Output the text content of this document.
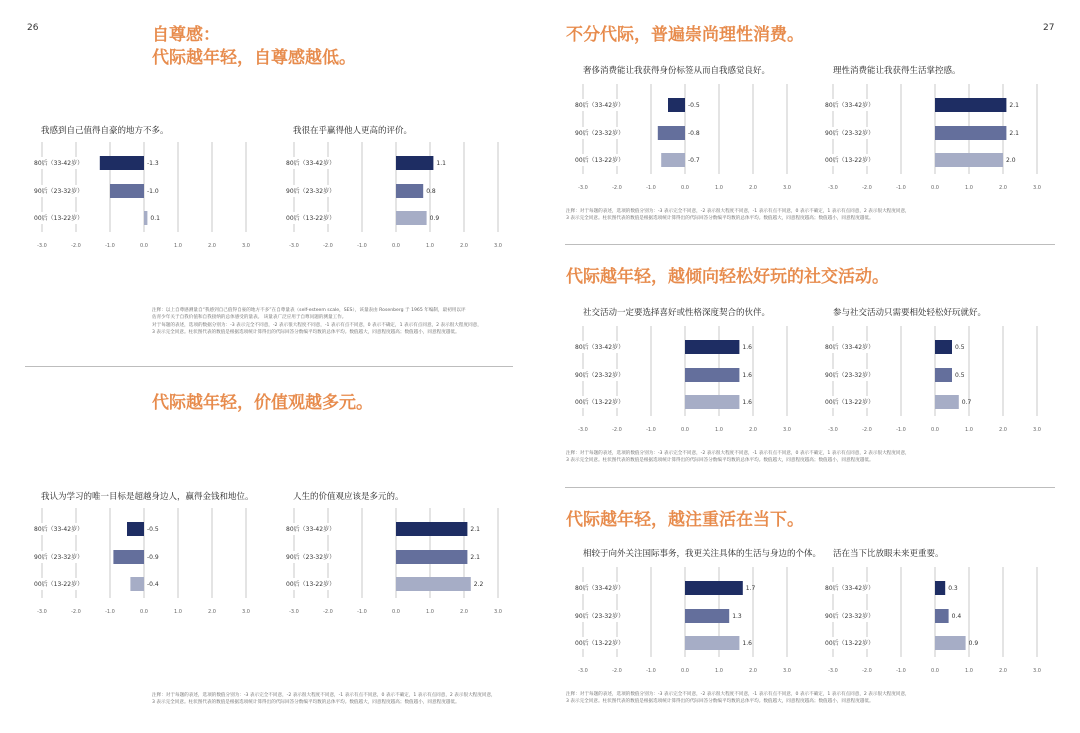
26	27
自尊感：
代际越年轻，自尊感越低。
代际越年轻，价值观越多元。
不分代际，普遍崇尚理性消费。
代际越年轻，越倾向轻松好玩的社交活动。
代际越年轻，越注重活在当下。
我感到自己值得自豪的地方不多。	我很在乎赢得他人更高的评价。
我认为学习的唯一目标是超越身边人，赢得金钱和地位。	人生的价值观应该是多元的。
奢侈消费能让我获得身份标签从而自我感觉良好。	理性消费能让我获得生活掌控感。
社交活动一定要选择喜好或性格深度契合的伙伴。	参与社交活动只需要相处轻松好玩就好。
相较于向外关注国际事务，我更关注具体的生活与身边的个体。 活在当下比放眼未来更重要。
-3.0	-2.0	-1.0	0.0	1.0	2.0	3.0
80后（33-42岁）	-1.3
90后（23-32岁）	-1.0
00后（13-22岁）	0.1
-3.0	-2.0	-1.0	0.0	1.0	2.0	3.0
80后（33-42岁）	1.1
90后（23-32岁）	0.8
00后（13-22岁）	0.9
-3.0	-2.0	-1.0	0.0	1.0	2.0	3.0
80后（33-42岁）	-0.5
90后（23-32岁）	-0.9
00后（13-22岁）	-0.4
-3.0	-2.0	-1.0	0.0	1.0	2.0	3.0
80后（33-42岁）	2.1
90后（23-32岁）	2.1
00后（13-22岁）	2.2
-3.0	-2.0	-1.0	0.0	1.0	2.0	3.0
80后（33-42岁）	-0.5
90后（23-32岁）	-0.8
00后（13-22岁）	-0.7
-3.0	-2.0	-1.0	0.0	1.0	2.0	3.0
80后（33-42岁）	2.1
90后（23-32岁）	2.1
00后（13-22岁）	2.0
-3.0	-2.0	-1.0	0.0	1.0	2.0	3.0
80后（33-42岁）	1.6
90后（23-32岁）	1.6
00后（13-22岁）	1.6
-3.0	-2.0	-1.0	0.0	1.0	2.0	3.0
80后（33-42岁）	0.5
90后（23-32岁）	0.5
00后（13-22岁）	0.7
-3.0	-2.0	-1.0	0.0	1.0	2.0	3.0
80后（33-42岁）	1.7
90后（23-32岁）	1.3
00后（13-22岁）	1.6
-3.0	-2.0	-1.0	0.0	1.0	2.0	3.0
80后（33-42岁）	0.3
90后（23-32岁）	0.4
00后（13-22岁）	0.9
注释：以上自尊感测量自“我感到自己值得自豪的地方不多”在自尊量表（self-esteem scale，SES），该量表由 Rosenberg 于 1965 年编制，最初用以评
估青少年关于自我价值和自我接纳的总体感受的量表。 该量表广泛应用于自尊问题的测量工作。
对于每题的表述，选项的数据分别为：-3 表示完全不同意，-2 表示很大程度不同意，-1 表示有点不同意，0 表示不确定，1 表示有点同意，2 表示很大程度同意，
3 表示完全同意。柱状图代表的数值是根据选项统计算得出的代际回答分数编平均数的总体平均。数值越大，同意程度越高；数值越小，同意程度越低。
注释：对于每题的表述，选项的数值分别为：-3 表示完全不同意，-2 表示很大程度不同意，-1 表示有点不同意，0 表示不确定，1 表示有点同意，2 表示很大程度同意，
3 表示完全同意。柱状图代表的数值是根据选项统计算得出的代际回答分数编平均数的总体平均。数值越大，同意程度越高；数值越小，同意程度越低。
注释：对于每题的表述，选项的数值分别为：-3 表示完全不同意，-2 表示很大程度不同意，-1 表示有点不同意，0 表示不确定，1 表示有点同意，2 表示很大程度同意，
3 表示完全同意。柱状图代表的数值是根据选项统计算得出的代际回答分数编平均数的总体平均。数值越大，同意程度越高；数值越小，同意程度越低。
注释：对于每题的表述，选项的数值分别为：-3 表示完全不同意，-2 表示很大程度不同意，-1 表示有点不同意，0 表示不确定，1 表示有点同意，2 表示很大程度同意，
3 表示完全同意。柱状图代表的数值是根据选项统计算得出的代际回答分数编平均数的总体平均。数值越大，同意程度越高；数值越小，同意程度越低。
注释：对于每题的表述，选项的数值分别为：-3 表示完全不同意，-2 表示很大程度不同意，-1 表示有点不同意，0 表示不确定，1 表示有点同意，2 表示很大程度同意，
3 表示完全同意。柱状图代表的数值是根据选项统计算得出的代际回答分数编平均数的总体平均。数值越大，同意程度越高；数值越小，同意程度越低。
